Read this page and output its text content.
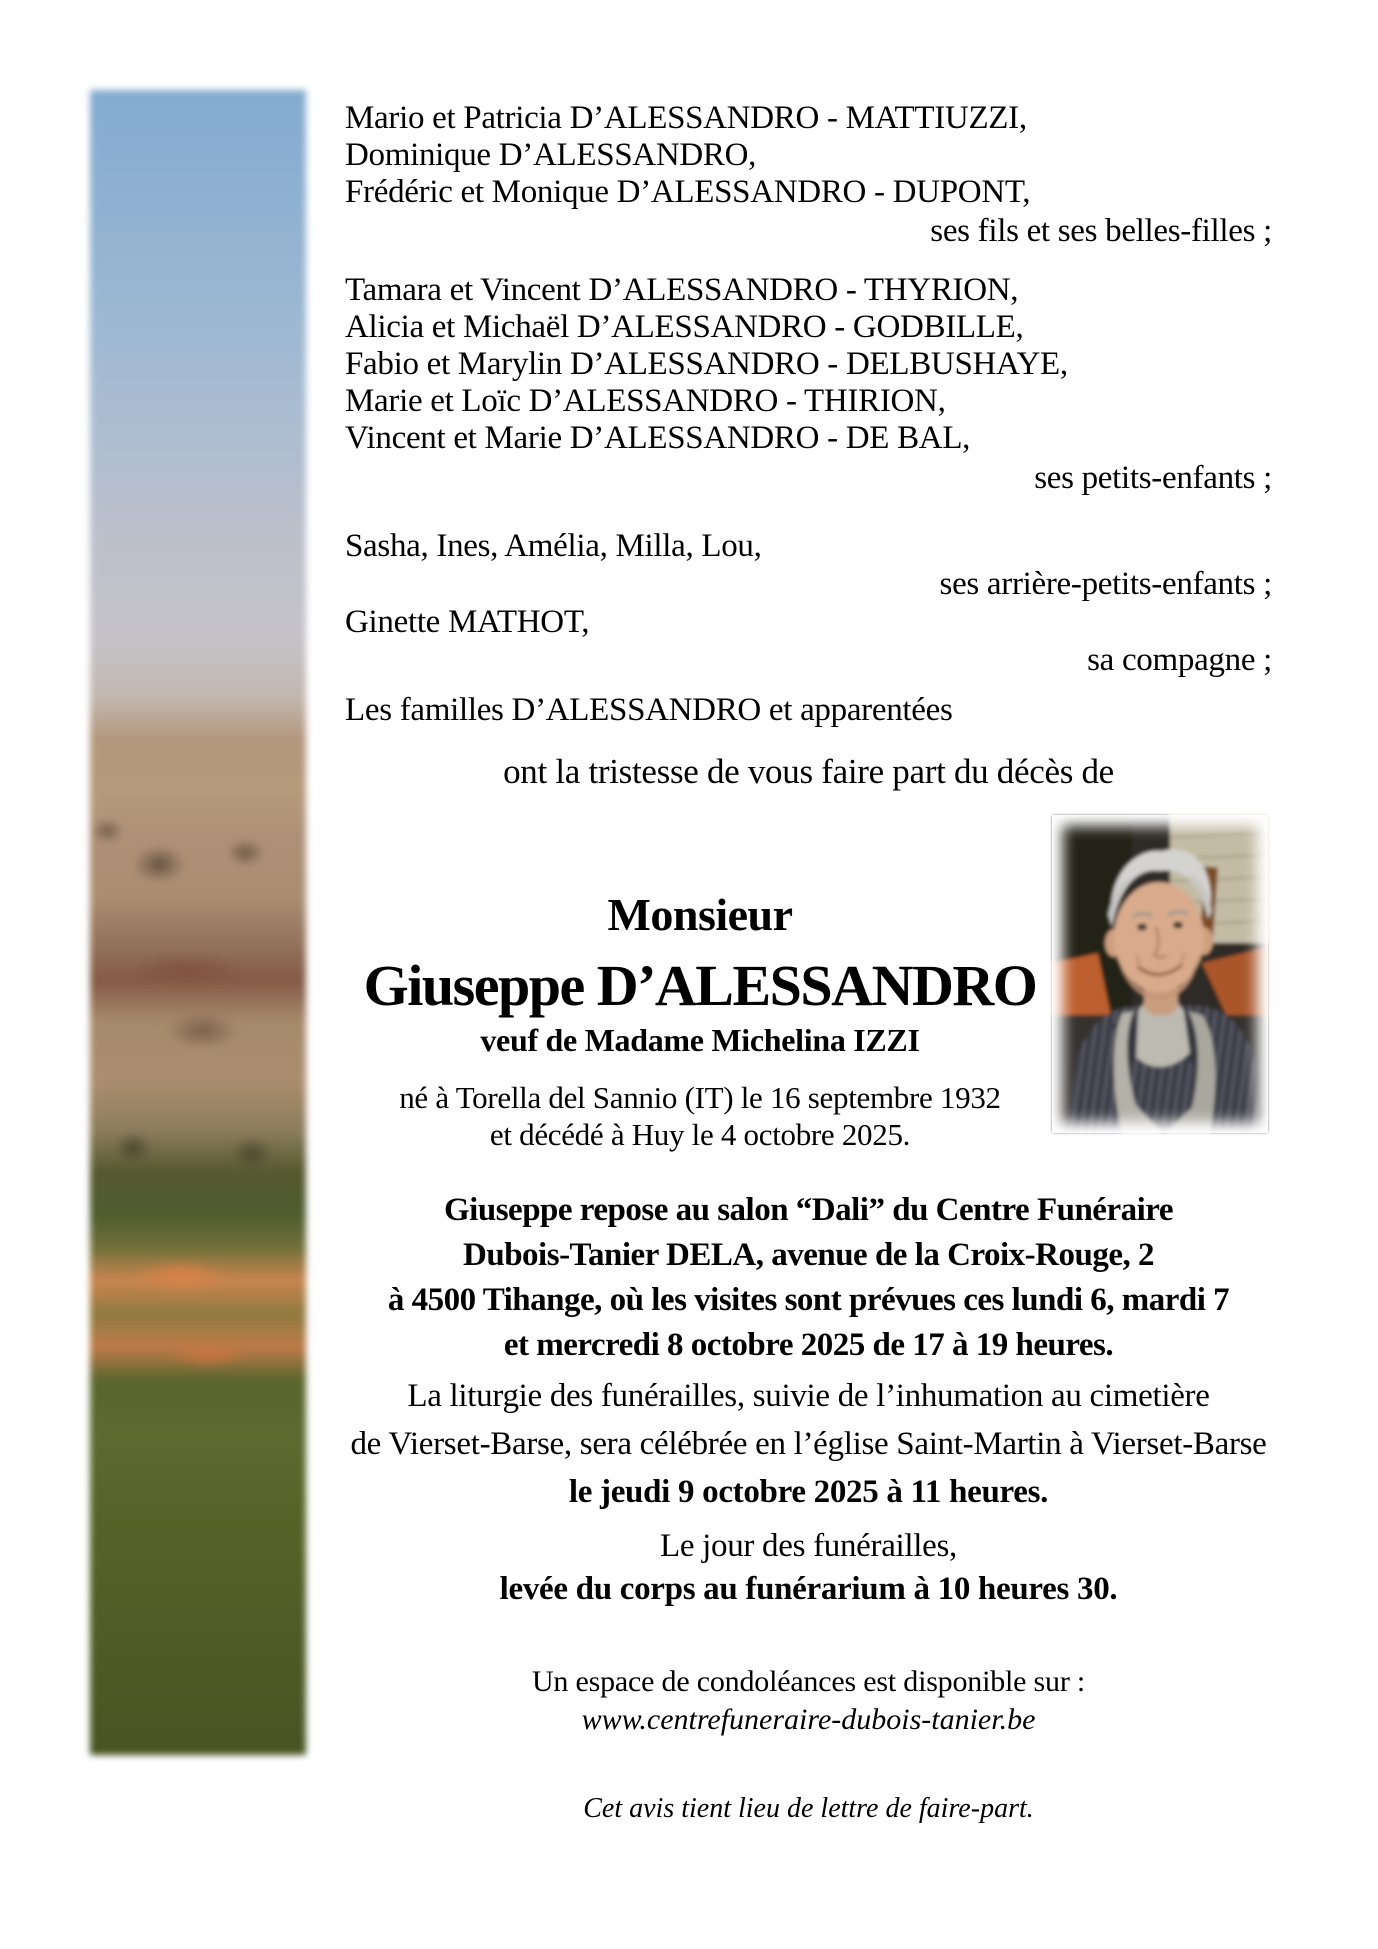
Mario et Patricia D’ALESSANDRO - MATTIUZZI,
Dominique D’ALESSANDRO,
Frédéric et Monique D’ALESSANDRO - DUPONT,
ses fils et ses belles-filles ;
Tamara et Vincent D’ALESSANDRO - THYRION,
Alicia et Michaël D’ALESSANDRO - GODBILLE,
Fabio et Marylin D’ALESSANDRO - DELBUSHAYE,
Marie et Loïc D’ALESSANDRO - THIRION,
Vincent et Marie D’ALESSANDRO - DE BAL,
ses petits-enfants ;
Sasha, Ines, Amélia, Milla, Lou,
ses arrière-petits-enfants ;
Ginette MATHOT,
sa compagne ;
Les familles D’ALESSANDRO et apparentées
ont la tristesse de vous faire part du décès de
Monsieur
Giuseppe D’ALESSANDRO
veuf de Madame Michelina IZZI
né à Torella del Sannio (IT) le 16 septembre 1932
et décédé à Huy le 4 octobre 2025.
Giuseppe repose au salon “Dali” du Centre Funéraire
Dubois-Tanier DELA, avenue de la Croix-Rouge, 2
à 4500 Tihange, où les visites sont prévues ces lundi 6, mardi 7
et mercredi 8 octobre 2025 de 17 à 19 heures.
La liturgie des funérailles, suivie de l’inhumation au cimetière
de Vierset-Barse, sera célébrée en l’église Saint-Martin à Vierset-Barse
le jeudi 9 octobre 2025 à 11 heures.
Le jour des funérailles,
levée du corps au funérarium à 10 heures 30.
Un espace de condoléances est disponible sur :
www.centrefuneraire-dubois-tanier.be
Cet avis tient lieu de lettre de faire-part.
